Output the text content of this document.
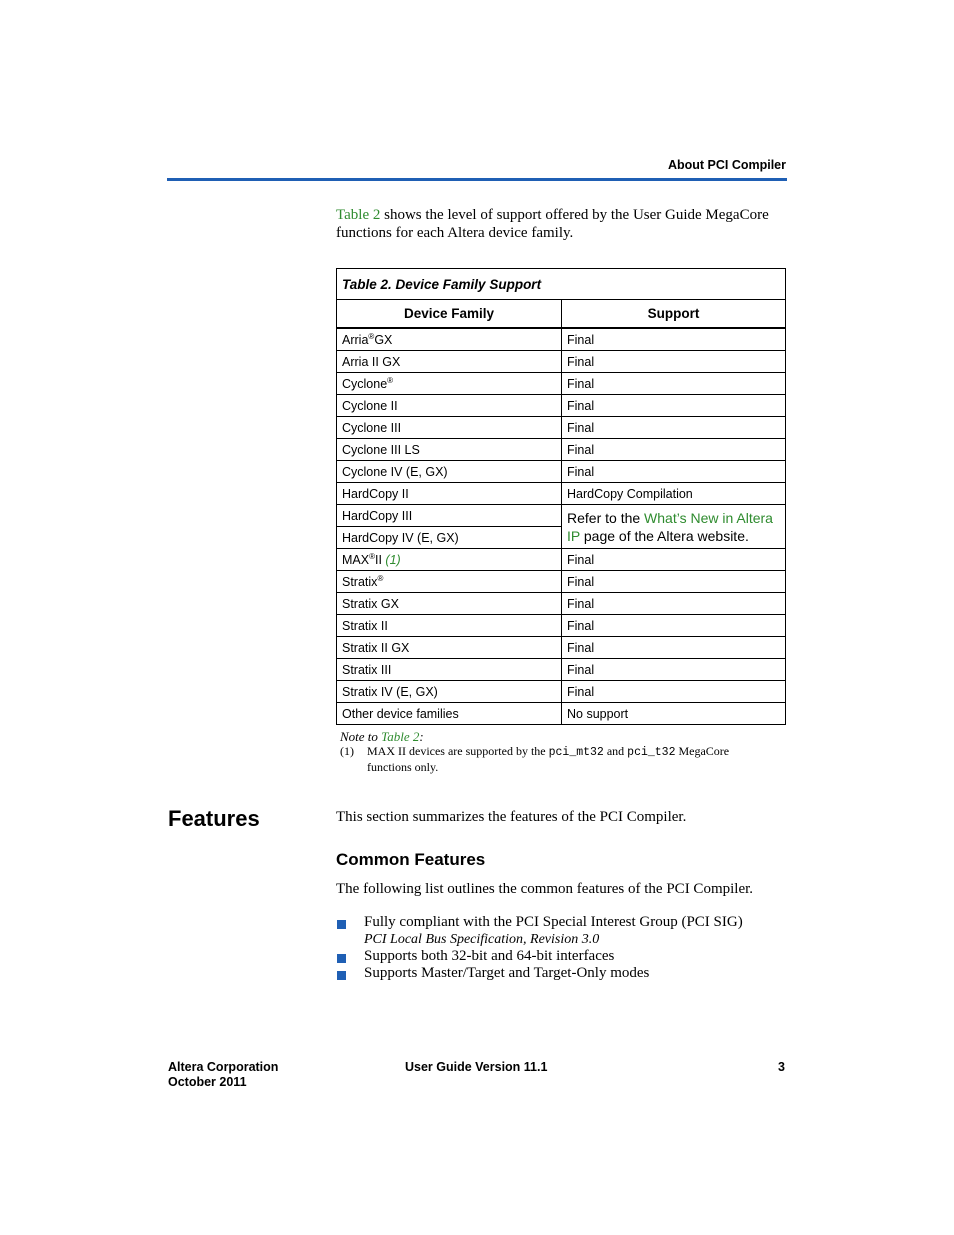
About PCI Compiler
Table 2 shows the level of support offered by the User Guide MegaCore functions for each Altera device family.
Table 2. Device Family Support	
Device Family	Support
Arria®GX	Final
Arria II GX	Final
Cyclone®	Final
Cyclone II	Final
Cyclone III	Final
Cyclone III LS	Final
Cyclone IV (E, GX)	Final
HardCopy II	HardCopy Compilation
HardCopy III	Refer to the What’s New in Altera IP page of the Altera website.
HardCopy IV (E, GX)	
MAX®II (1)	Final
Stratix®	Final
Stratix GX	Final
Stratix II	Final
Stratix II GX	Final
Stratix III	Final
Stratix IV (E, GX)	Final
Other device families	No support
Note to Table 2:
(1) MAX II devices are supported by the pci_mt32 and pci_t32 MegaCore functions only.
Features	This section summarizes the features of the PCI Compiler.
Common Features
The following list outlines the common features of the PCI Compiler.
Fully compliant with the PCI Special Interest Group (PCI SIG)
PCI Local Bus Specification, Revision 3.0
Supports both 32-bit and 64-bit interfaces
Supports Master/Target and Target-Only modes
Altera Corporation
October 2011
User Guide Version 11.1	3
